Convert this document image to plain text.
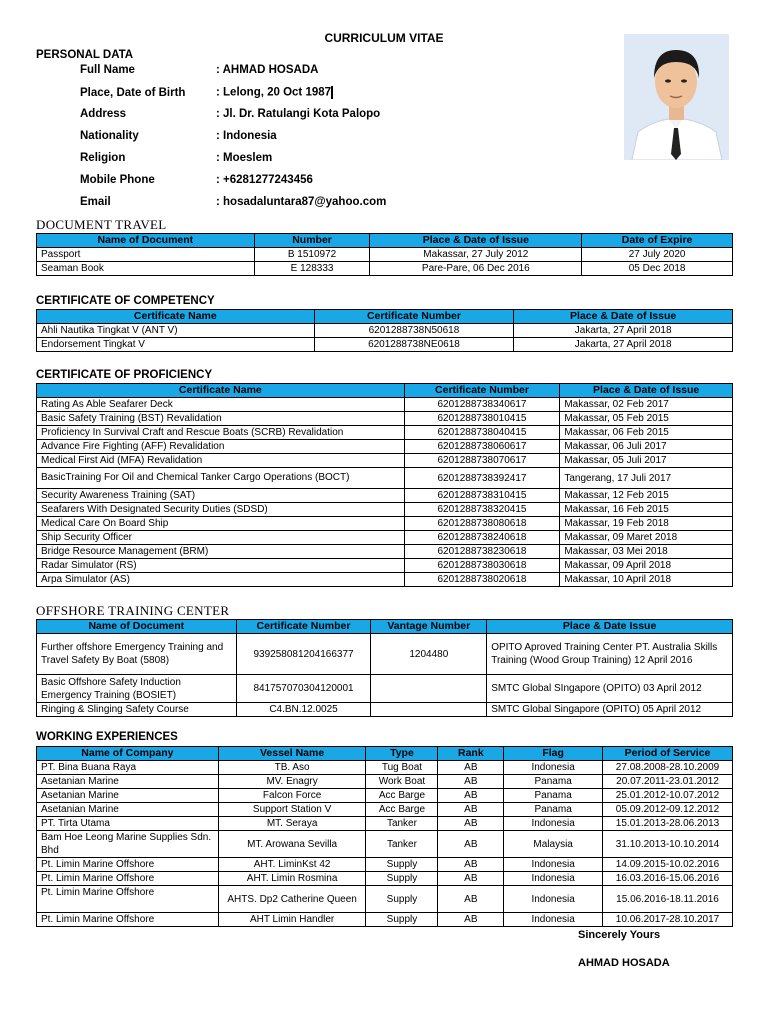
CURRICULUM VITAE
PERSONAL DATA
Full Name	: AHMAD HOSADA
Place, Date of Birth	: Lelong, 20 Oct 1987
Address	: Jl. Dr. Ratulangi Kota Palopo
Nationality	: Indonesia
Religion	: Moeslem
Mobile Phone	: +6281277243456
Email	: hosadaluntara87@yahoo.com
DOCUMENT TRAVEL
Name of Document	Number	Place & Date of Issue	Date of Expire
Passport	B 1510972	Makassar, 27 July 2012	27 July 2020
Seaman Book	E 128333	Pare-Pare, 06 Dec 2016	05 Dec 2018
CERTIFICATE OF COMPETENCY
Certificate Name	Certificate Number	Place & Date of Issue
Ahli Nautika Tingkat V (ANT V)	6201288738N50618	Jakarta, 27 April 2018
Endorsement Tingkat V	6201288738NE0618	Jakarta, 27 April 2018
CERTIFICATE OF PROFICIENCY
Certificate Name	Certificate Number	Place & Date of Issue
Rating As Able Seafarer Deck	6201288738340617	Makassar, 02 Feb 2017
Basic Safety Training (BST) Revalidation	6201288738010415	Makassar, 05 Feb 2015
Proficiency In Survival Craft and Rescue Boats (SCRB) Revalidation	6201288738040415	Makassar, 06 Feb 2015
Advance Fire Fighting (AFF) Revalidation	6201288738060617	Makassar, 06 Juli 2017
Medical First Aid (MFA) Revalidation	6201288738070617	Makassar, 05 Juli 2017
BasicTraining For Oil and Chemical Tanker Cargo Operations (BOCT)	6201288738392417	Tangerang, 17 Juli 2017
Security Awareness Training (SAT)	6201288738310415	Makassar, 12 Feb 2015
Seafarers With Designated Security Duties (SDSD)	6201288738320415	Makassar, 16 Feb 2015
Medical Care On Board Ship	6201288738080618	Makassar, 19 Feb 2018
Ship Security Officer	6201288738240618	Makassar, 09 Maret 2018
Bridge Resource Management (BRM)	6201288738230618	Makassar, 03 Mei 2018
Radar Simulator (RS)	6201288738030618	Makassar, 09 April 2018
Arpa Simulator (AS)	6201288738020618	Makassar, 10 April 2018
OFFSHORE TRAINING CENTER
Name of Document	Certificate Number	Vantage Number	Place & Date Issue
Further offshore Emergency Training and Travel Safety By Boat (5808)	939258081204166377	1204480	OPITO Aproved Training Center PT. Australia Skills Training (Wood Group Training) 12 April 2016
Basic Offshore Safety Induction Emergency Training (BOSIET)	841757070304120001		SMTC Global SIngapore (OPITO) 03 April 2012
Ringing & Slinging Safety Course	C4.BN.12.0025		SMTC Global Singapore (OPITO) 05 April 2012
WORKING EXPERIENCES
Name of Company	Vessel Name	Type	Rank	Flag	Period of Service
PT. Bina Buana Raya	TB. Aso	Tug Boat	AB	Indonesia	27.08.2008-28.10.2009
Asetanian Marine	MV. Enagry	Work Boat	AB	Panama	20.07.2011-23.01.2012
Asetanian Marine	Falcon Force	Acc Barge	AB	Panama	25.01.2012-10.07.2012
Asetanian Marine	Support Station V	Acc Barge	AB	Panama	05.09.2012-09.12.2012
PT. Tirta Utama	MT. Seraya	Tanker	AB	Indonesia	15.01.2013-28.06.2013
Bam Hoe Leong Marine Supplies Sdn. Bhd	MT. Arowana Sevilla	Tanker	AB	Malaysia	31.10.2013-10.10.2014
Pt. Limin Marine Offshore	AHT. LiminKst 42	Supply	AB	Indonesia	14.09.2015-10.02.2016
Pt. Limin Marine Offshore	AHT. Limin Rosmina	Supply	AB	Indonesia	16.03.2016-15.06.2016
Pt. Limin Marine Offshore	AHTS. Dp2 Catherine Queen	Supply	AB	Indonesia	15.06.2016-18.11.2016
Pt. Limin Marine Offshore	AHT Limin Handler	Supply	AB	Indonesia	10.06.2017-28.10.2017
Sincerely Yours
AHMAD HOSADA
